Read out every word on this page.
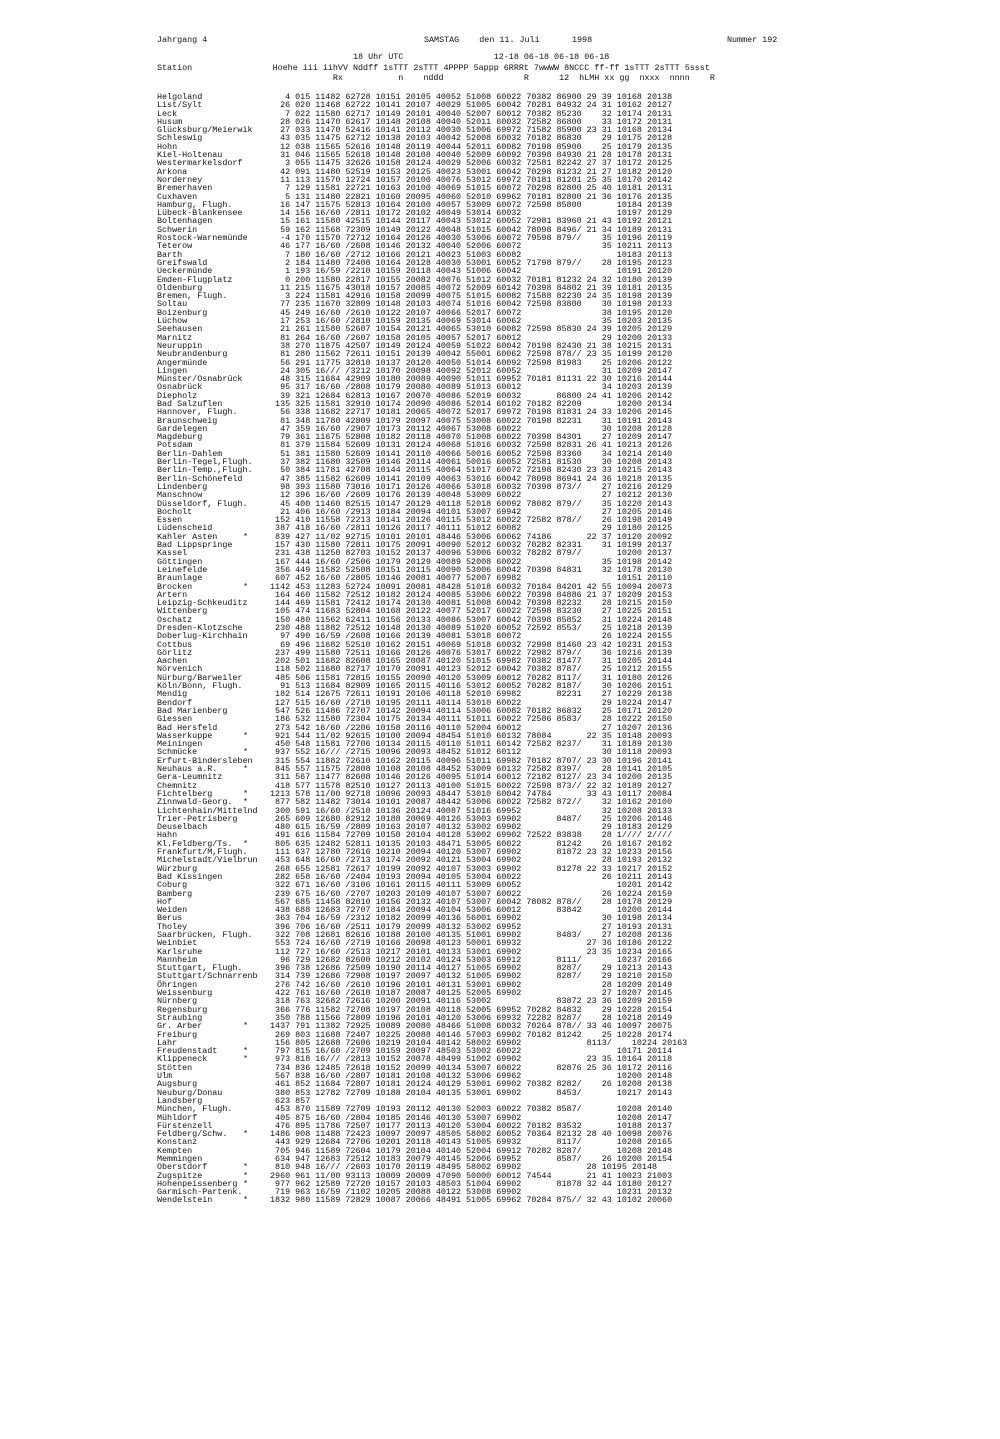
Jahrgang 4	SAMSTAG    den 11. Juli	1998	Nummer 192
18 Uhr UTC                  12-18 06-18 06-18 06-18
Station                Hoehe iii iihVV Nddff 1sTTT 2sTTT 4PPPP 5appp 6RRRt 7wwWW 8NCCC ff-ff 1sTTT 2sTTT 5ssst
Rx           n    nddd                R      12  hLMH xx gg  nxxx  nnnn    R
Helgoland	4 015 11482 62728 10151 20105 40052 51008 60022 70382 86900 29 39 10168 20138
List/Sylt	26 020 11468 62722 10141 20107 40029 51005 60042 70281 84932 24 31 10162 20127
Leck	7 022 11580 62717 10149 20101 40040 52007 60012 70382 85230    32 10174 20131
Husum	28 026 11470 62617 10148 20108 40040 52011 60032 72582 86800    33 10172 20131
Glücksburg/Meierwik 27 033 11470 52416 10141 20112 40030 51006 69972 71582 85900 23 31 10168 20134
Schleswig	43 035 11475 62712 10138 20103 40042 52008 60032 70182 86830    29 10175 20128
Hohn	12 038 11565 52616 10148 20119 40044 52011 60082 70198 85900    25 10179 20135
Kiel-Holtenau	31 046 11565 52618 10148 20108 40040 52009 60092 70398 84930 21 28 10178 20131
Westermarkelsdorf	3 055 11475 32626 10158 20124 40029 52006 60032 72581 82242 27 37 10172 20125
Arkona	42 091 11480 52519 10153 20125 40023 53001 60042 70298 81232 21 27 10182 20120
Norderney	11 113 11570 12724 10157 20100 40076 53012 69972 70181 81201 25 35 10170 20142
Bremerhaven	7 129 11581 22721 10163 20100 40069 51015 60072 70298 82800 25 40 10181 20131
Cuxhaven	5 131 11480 22821 10160 20095 40060 52010 69962 70181 82800 21 36 10176 20135
Hamburg, Flugh.	16 147 11575 52813 10164 20100 40057 53009 60072 72598 85800       10184 20139
Lübeck-Blankensee	14 156 16/60 /2811 10172 20102 40049 53014 60032                   10197 20129
Boltenhagen	15 161 11580 42515 10144 20117 40043 53012 60052 72981 83960 21 43 10192 20121
Schwerin	59 162 11568 72309 10149 20122 40048 51015 60042 78098 8496/ 21 34 10189 20131
Rostock-Warnemünde -4 170 11570 72712 10164 20126 40030 53006 60072 79598 879//    35 10196 20119
Teterow	46 177 16/60 /2608 10146 20132 40040 52006 60072                35 10211 20113
Barth	7 180 16/60 /2712 10166 20121 40023 51003 60082                   10183 20113
Greifswald	2 184 11480 72408 10164 20128 40030 53001 60052 71798 879//    28 10195 20123
Ueckermünde	1 193 16/59 /2210 10159 20118 40043 51006 60042                   10191 20120
Emden-Flugplatz	0 200 11580 22817 10155 20082 40076 51012 60032 70181 81232 24 32 10180 20139
Oldenburg	11 215 11675 43018 10157 20085 40072 52009 60142 70398 84802 21 39 10181 20135
Bremen, Flugh.	3 224 11581 42916 10158 20099 40075 51015 60082 71588 82230 24 35 10198 20139
Soltau	77 235 11670 32809 10148 20103 40074 51016 60042 72598 83800    30 10198 20133
Boizenburg	45 249 16/60 /2610 10122 20107 40066 52017 60072                38 10195 20120
Lüchow	17 253 16/60 /2810 10159 20135 40069 53014 60062                35 10203 20135
Seehausen	21 261 11580 52607 10154 20121 40065 53010 60082 72598 85830 24 39 10205 20129
Marnitz	81 264 16/60 /2607 10158 20105 40057 52017 60012                29 10200 20133
Neuruppin	38 270 11875 42507 10149 20124 40059 51022 60042 70198 82430 21 38 10215 20131
Neubrandenburg	81 280 11562 72611 10151 20139 40042 55001 60062 72598 878// 23 35 10199 20120
Angermünde	56 291 11775 32810 10137 20120 40050 51014 60092 72598 81983    25 10206 20122
Lingen	24 305 16/// /3212 10170 20098 40092 52012 60052                31 10209 20147
Münster/Osnabrück	48 315 11684 42909 10180 20089 40090 51011 69952 70181 81131 22 30 10216 20144
Osnabrück	95 317 16/60 /2808 10179 20080 40089 51013 60012                34 10203 20139
Diepholz	39 321 12684 62813 10167 20070 40086 52019 60032       86800 24 41 10206 20142
Bad Salzuflen	135 325 11581 32910 10174 20090 40086 52014 60102 70182 82209       10200 20134
Hannover, Flugh.	56 338 11682 22717 10181 20065 40072 52017 69972 70198 81831 24 33 10206 20145
Braunschweig	81 348 11780 42809 10179 20097 40075 53008 60022 70198 82231    31 10191 20143
Gardelegen	47 359 16/60 /2907 10173 20112 40067 53008 60022                30 10208 20128
Magdeburg	79 361 11675 52808 10182 20118 40070 51008 60022 70398 84301    27 10209 20147
Potsdam	81 379 11584 52609 10131 20124 40068 51016 60032 72598 82831 26 41 10213 20126
Berlin-Dahlem	51 381 11580 52609 10141 20110 40066 50016 60052 72598 83360    34 10214 20140
Berlin-Tegel,Flugh. 37 382 11680 32509 10146 20114 40061 50016 60052 72581 81530    30 10208 20143
Berlin-Temp.,Flugh. 50 384 11781 42708 10144 20115 40064 51017 60072 72198 82430 23 33 10215 20143
Berlin-Schönefeld	47 385 11582 62609 10141 20109 40063 53016 60042 78098 86941 24 36 10218 20135
Lindenberg	98 393 11580 73016 10171 20126 40066 53018 60032 70398 873//    27 10216 20129
Manschnow	12 396 16/60 /2609 10176 20139 40048 53009 60022                27 10212 20130
Düsseldorf, Flugh. 45 400 11460 82515 10147 20129 40118 52018 60092 78082 879//    35 10220 20143
Bocholt	21 406 16/60 /2913 10184 20094 40101 53007 69942                27 10205 20146
Essen	152 410 11558 72213 10141 20126 40115 53012 60022 72582 878//    26 10198 20149
Lüdenscheid	387 418 16/60 /2811 10126 20117 40111 51012 60082                29 10180 20125
Kahler Asten	* 839 427 11/02 92715 10101 20101 48446 53006 60062 74186       22 37 10120 20092
Bad Lippspringe	157 430 11580 72811 10175 20091 40090 52012 60032 70282 82331    31 10199 20137
Kassel	231 438 11250 82703 10152 20137 40096 53006 60032 78282 879//       10200 20137
Göttingen	167 444 16/60 /2506 10179 20129 40089 52008 60022                35 10198 20142
Leinefelde	356 449 11582 52508 10151 20115 40090 53006 60042 70398 84831    32 10178 20130
Braunlage	607 452 16/60 /2805 10146 20081 40077 52007 69982                   10151 20110
Brocken	* 1142 453 11283 52724 10091 20081 48428 51018 60032 70184 84201 42 55 10094 20073
Artern	164 460 11582 72512 10182 20124 40085 53006 60022 70398 84886 21 37 10209 20153
Leipzig-Schkeuditz 144 469 11581 72412 10174 20130 40081 51008 60042 70398 82232    28 10215 20150
Wittenberg	105 474 11683 52804 10168 20122 40077 52017 60022 72598 83230    27 10225 20151
Oschatz	150 480 11562 62411 10156 20133 40086 53007 60042 70398 85852    31 10224 20148
Dresden-Klotzsche	230 488 11882 72512 10148 20130 40089 51020 60052 72592 8553/    25 10218 20139
Doberlug-Kirchhain 97 490 16/59 /2608 10166 20139 40081 53018 60072                26 10224 20155
Cottbus	69 496 11682 52510 10162 20151 40069 51018 60032 72998 81460 23 42 10231 20153
Görlitz	237 499 11580 72511 10166 20126 40076 53017 60022 72982 879//    36 10216 20139
Aachen	202 501 11682 82608 10165 20087 40120 51015 69982 70382 81477    31 10205 20144
Nörvenich	118 502 11680 82717 10170 20091 40123 52012 60042 70382 8787/    25 10212 20155
Nürburg/Barweiler	485 506 11581 72815 10155 20090 40120 53009 60012 70282 8117/    31 10180 20126
Köln/Bonn, Flugh.	91 513 11684 82909 10165 20115 40116 53012 60052 70282 8187/    30 10206 20151
Mendig	182 514 12675 72611 10191 20106 40118 52010 69982       82231    27 10229 20138
Bendorf	127 515 16/60 /2710 10195 20111 40114 53010 60022                29 10224 20147
Bad Marienberg	547 526 11486 72707 10142 20094 40114 53006 60082 70182 86832    25 10171 20120
Giessen	186 532 11580 72304 10175 20134 40111 51011 60022 72586 8583/    28 10222 20150
Bad Hersfeld	273 542 16/60 /2206 10158 20116 40110 52004 60012                27 10207 20136
Wasserkuppe	* 921 544 11/02 92615 10100 20094 48454 51010 60132 78084       22 35 10148 20093
Meiningen	450 548 11581 72706 10134 20115 40110 51011 60142 72582 8237/    31 10189 20130
Schmücke	* 937 552 16/// /2715 10096 20093 48452 51012 60112                30 10118 20093
Erfurt-Bindersleben 315 554 11882 72610 10162 20115 40096 51011 69982 70182 8707/ 23 30 10196 20141
Neuhaus a.R.	* 845 557 11575 72808 10108 20108 48452 53009 60132 72582 8397/    28 10141 20105
Gera-Leumnitz	311 567 11477 82608 10146 20126 40095 51014 60012 72182 8127/ 23 34 10200 20135
Chemnitz	418 577 11578 82510 10127 20113 40100 51015 60022 72598 873// 22 32 10189 20127
Fichtelberg	* 1213 578 11/00 92718 10096 20093 48447 53010 60042 74784       33 43 10117 20084
Zinnwald-Georg. * 877 582 11482 73014 10101 20087 48442 53006 60022 72582 872//    32 10162 20100
Lichtenhain/Mittelnd 300 591 16/60 /2510 10136 20124 40087 51016 69952                32 10208 20133
Trier-Petrisberg	265 609 12680 82912 10188 20069 40126 53003 69902       8487/    25 10206 20146
Deuselbach	480 615 16/59 /2809 10163 20107 40132 53002 69902                29 10183 20129
Hahn	491 616 11584 72709 10150 20104 40128 53002 69902 72522 83838    28 1//// 2////
Kl.Feldberg/Ts. * 805 635 12482 52811 10135 20103 48471 53005 60022       81242    26 10167 20102
Frankfurt/M,Flugh. 111 637 12780 72616 10210 20094 40120 53007 69902       81872 23 32 10233 20156
Michelstadt/Vielbrun 453 648 16/60 /2713 10174 20092 40121 53004 69902                28 10193 20132
Würzburg	268 655 12581 72617 10199 20092 40107 53003 69902       81278 22 33 10217 20152
Bad Kissingen	282 658 16/60 /2404 10193 20094 40105 53004 60022                26 10211 20143
Coburg	322 671 16/60 /3106 10161 20115 40111 53009 60052                   10201 20142
Bamberg	239 675 16/60 /2707 10203 20109 40107 53007 60022                26 10224 20159
Hof	567 685 11458 82810 10156 20132 40107 53007 60042 78082 878//    28 10178 20129
Weiden	438 688 12683 72707 10184 20094 40104 53006 60012       83842       10200 20144
Berus	363 704 16/59 /2312 10182 20099 40136 56001 69902                30 10198 20134
Tholey	396 706 16/60 /2511 10179 20099 40132 53002 69952                27 10193 20131
Saarbrücken, Flugh. 322 708 12681 82616 10188 20100 40135 51001 69902       8483/    27 10208 20136
Weinbiet	553 724 16/60 /2719 10166 20098 40123 50001 69932             27 36 10186 20122
Karlsruhe	112 727 16/60 /2513 10217 20101 40133 53001 69902             23 35 10234 20165
Mannheim	96 729 12682 82600 10212 20102 40124 53003 69912       8111/       10237 20166
Stuttgart, Flugh.	396 738 12686 72509 10190 20114 40127 51005 69902       8287/    29 10213 20143
Stuttgart/Schnarrenb 314 739 12686 72908 10197 20097 40132 51005 69902       8287/    29 10210 20150
Öhringen	276 742 16/60 /2610 10196 20101 40131 53001 69902                28 10209 20149
Weissenburg	422 761 16/60 /2610 10187 20087 40125 52005 69902                27 10207 20145
Nürnberg	318 763 32682 72616 10200 20091 40116 53002             83872 23 36 10209 20159
Regensburg	366 776 11582 72708 10197 20108 40118 52005 69952 70282 84832    29 10228 20154
Straubing	350 788 11566 72809 10196 20101 40120 53006 69932 72282 8287/    28 10218 20149
Gr. Arber	* 1437 791 11382 72925 10089 20080 48466 51008 60032 70264 878// 33 46 10097 20075
Freiburg	269 803 11688 72407 10225 20088 40146 57003 69902 70182 81242    25 10228 20174
Lahr	156 805 12688 72606 10219 20104 40142 58002 69902             8113/    10224 20163
Freudenstadt	* 797 815 16/60 /2709 10159 20097 48503 53002 60022                   10171 20114
Klippeneck	* 973 818 16/// /2813 10152 20078 48499 51002 69902             23 35 10164 20118
Stötten	734 836 12485 72618 10152 20099 40134 53007 60022       82876 25 36 10172 20116
Ulm	567 838 16/60 /2807 10181 20108 40132 53006 69962                   10200 20148
Augsburg	461 852 11684 72807 10181 20124 40129 53001 69902 70382 8282/    26 10208 20138
Neuburg/Donau	380 853 12782 72709 10188 20104 40135 53001 69902       8453/       10217 20143
Landsberg	623 857
München, Flugh.	453 870 11589 72709 10193 20112 40130 52003 60022 70382 8587/       10208 20140
Mühldorf	405 875 16/60 /2804 10185 20146 40130 53007 69902                   10208 20147
Fürstenzell	476 895 11786 72507 10177 20113 40120 53004 60022 70182 83532       10188 20137
Feldberg/Schw. * 1486 908 11488 72423 10097 20097 48505 58002 60052 70364 82132 28 40 10098 20076
Konstanz	443 929 12684 72706 10201 20118 40143 51005 69932       8117/       10208 20165
Kempten	705 946 11589 72604 10179 20104 40140 52004 69912 70282 8287/       10208 20148
Memmingen	634 947 12683 72512 10183 20079 40145 52006 69952       8587/    26 10200 20154
Oberstdorf	* 810 948 16/// /2603 10170 20119 48495 58002 69902             28 10195 20148
Zugspitze	* 2960 961 11/00 93113 10009 20009 47090 50000 60012 74544       21 41 10023 21003
Hohenpeissenberg * 977 962 12589 72720 10157 20103 48503 51004 69902       81878 32 44 10180 20127
Garmisch-Partenk.	719 963 16/59 /1102 10205 20088 40122 53008 69902                   10231 20132
Wendelstein	* 1832 980 11589 72829 10087 20066 48491 51005 69962 70284 875// 32 43 10102 20060
